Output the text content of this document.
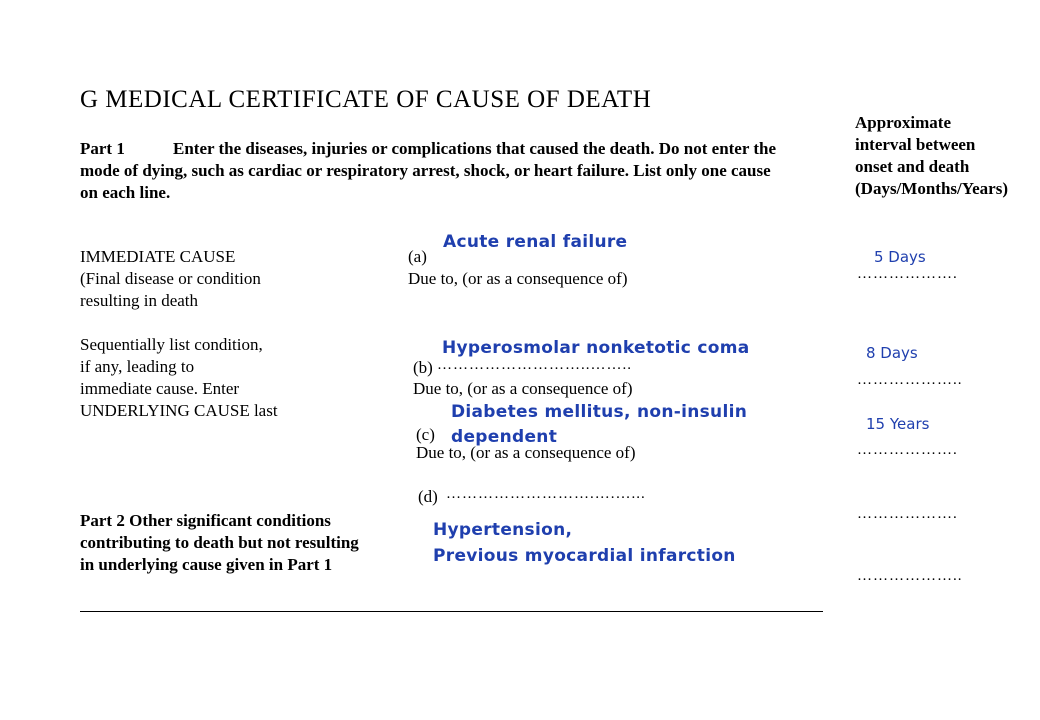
G MEDICAL CERTIFICATE OF CAUSE OF DEATH
Part 1	Enter the diseases, injuries or complications that caused the death. Do not enter the
mode of dying, such as cardiac or respiratory arrest, shock, or heart failure. List only one cause
on each line.
Approximate
interval between
onset and death
(Days/Months/Years)
IMMEDIATE CAUSE
(Final disease or condition
resulting in death
Sequentially list condition,
if any, leading to
immediate cause. Enter
UNDERLYING CAUSE last
Acute renal failure
(a)
Due to, (or as a consequence of)
Hyperosmolar nonketotic coma
(b) ………………………..……..
Due to, (or as a consequence of)
Diabetes mellitus, non-insulin
dependent
(c)
Due to, (or as a consequence of)
(d) ……………………….….…...
Part 2 Other significant conditions
contributing to death but not resulting
in underlying cause given in Part 1
Hypertension,
Previous myocardial infarction
5 Days
……………….
8 Days
………………..
15 Years
……………….
……………….
………………..
